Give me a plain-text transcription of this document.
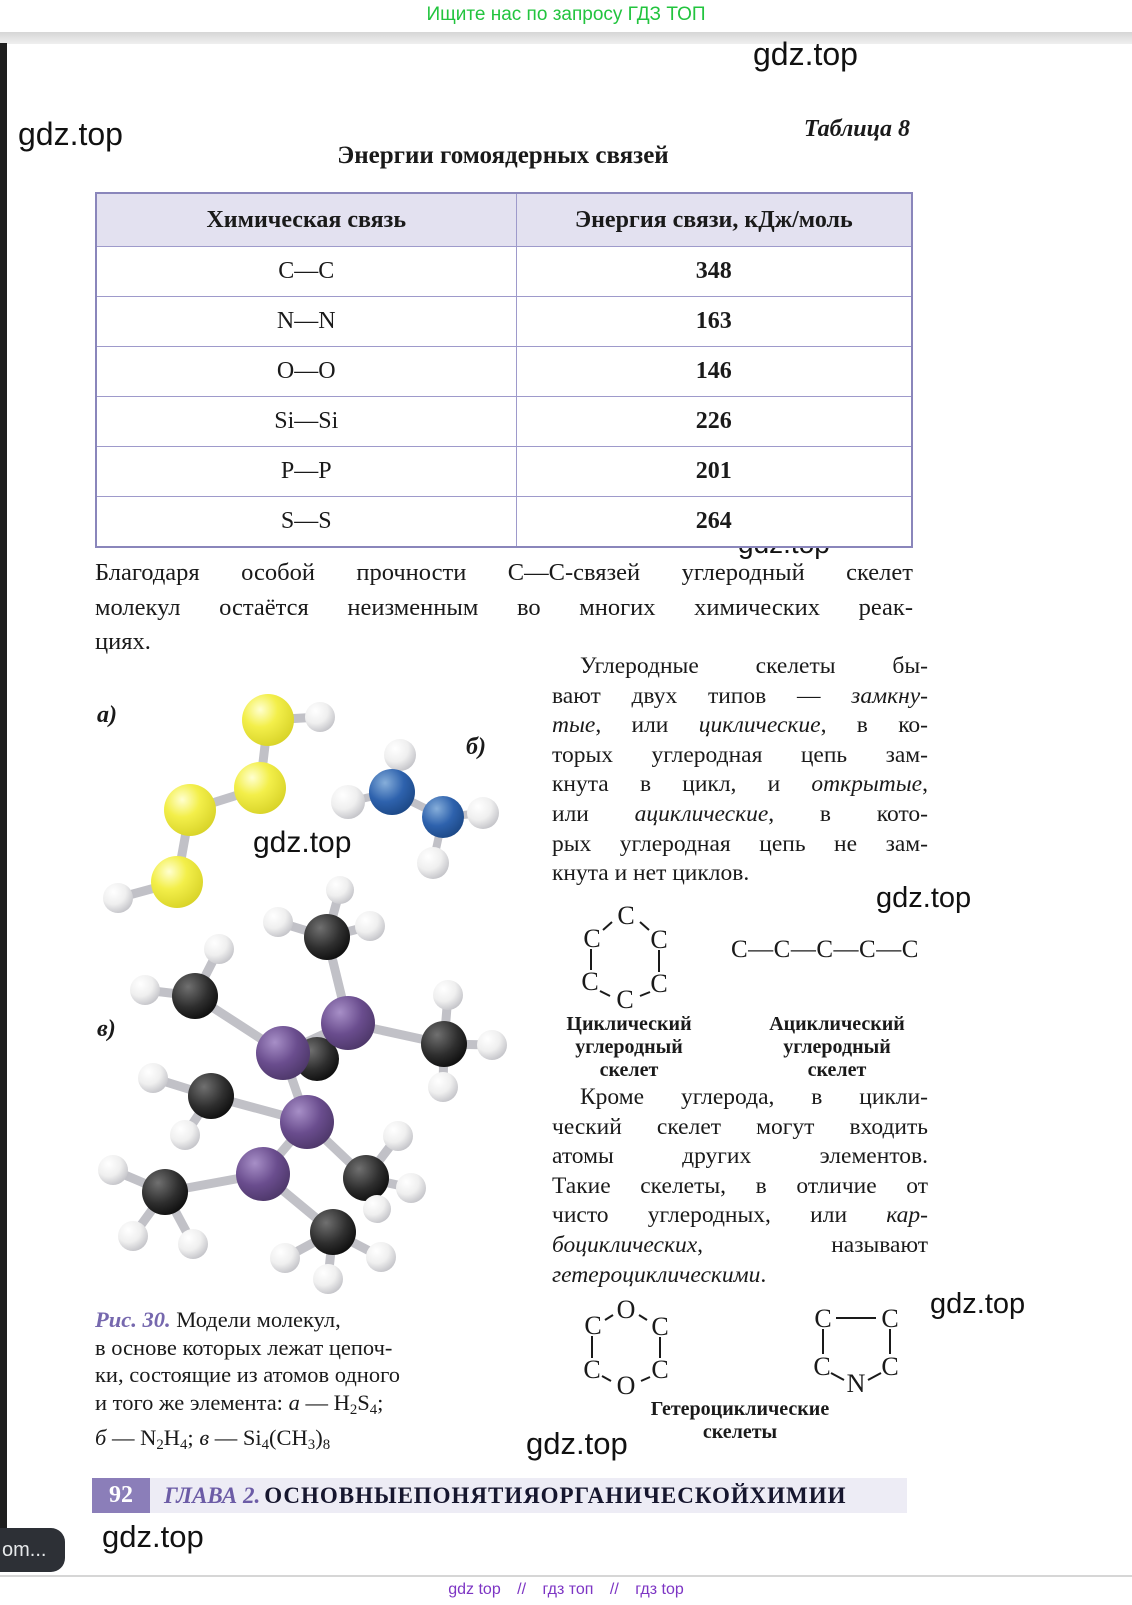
Ищите нас по запросу ГДЗ ТОП
gdz.top
gdz.top
gdz.top
gdz.top
gdz.top
gdz.top
gdz.top
Таблица 8
Энергии гомоядерных связей
Химическая связь	Энергия связи, кДж/моль
C—C	348
N—N	163
O—O	146
Si—Si	226
P—P	201
S—S	264
Благодаря особой прочности С—С-связей углеродный скелет
молекул остаётся неизменным во многих химических реак-
циях.
а)
б)
в)
Углеродные скелеты бы-
вают двух типов — замкну-
тые, или циклические, в ко-
торых углеродная цепь зам-
кнута в цикл, и открытые,
или ациклические, в кото-
рых углеродная цепь не зам-
кнута и нет циклов.
C
C C
C C
C
C—C—C—C—C
Циклический
углеродный
скелет
Ациклический
углеродный
скелет
Кроме углерода, в цикли-
ческий скелет могут входить
атомы других элементов.
Такие скелеты, в отличие от
чисто углеродных, или кар-
боциклических, называют
гетероциклическими.
O
C C
C C
O
C C
C C
N
Гетероциклические
скелеты
Рис. 30. Модели молекул,
в основе которых лежат цепоч-
ки, состоящие из атомов одного
и того же элемента: а — $H_2S_4$;
б — $N_2H_4$; в — $Si_4(CH_3)_8$
92	ГЛАВА 2. ОСНОВНЫЕ ПОНЯТИЯ ОРГАНИЧЕСКОЙ ХИМИИ
om...
gdz top // гдз топ // гдз top
